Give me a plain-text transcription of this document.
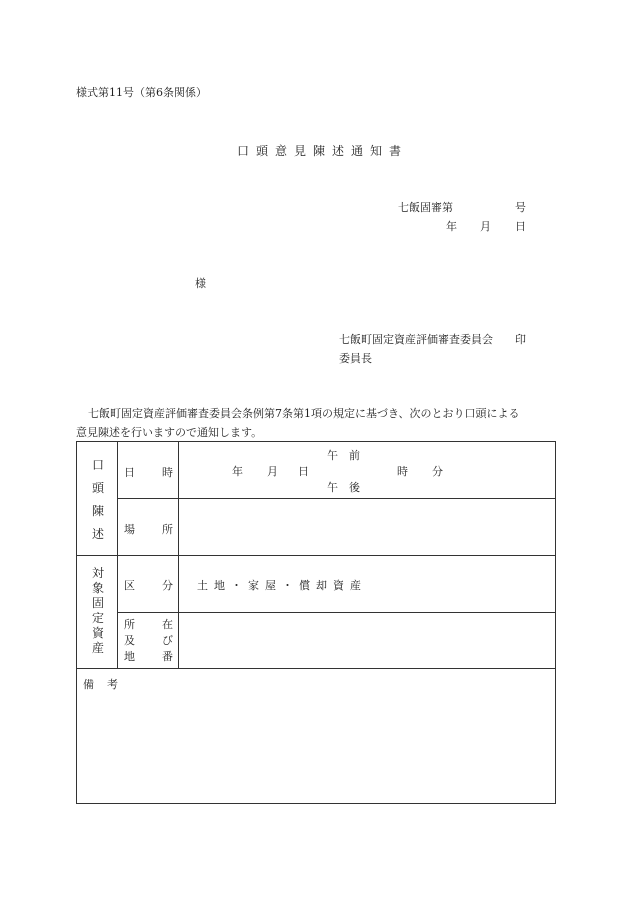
様式第11号（第6条関係）
口頭意見陳述通知書
七飯固審第	号
年 月 日
様
七飯町固定資産評価審査委員会 印
委員長
七飯町固定資産評価審査委員会条例第7条第1項の規定に基づき、次のとおり口頭による
意見陳述を行いますので通知します。
口
頭
陳
述
日 時
午　前
午　後
年 月 日	時 分
場 所
対
象
固
定
資
産
区 分 土地・家屋・償却資産
所 在
及 び
地 番
備 考
